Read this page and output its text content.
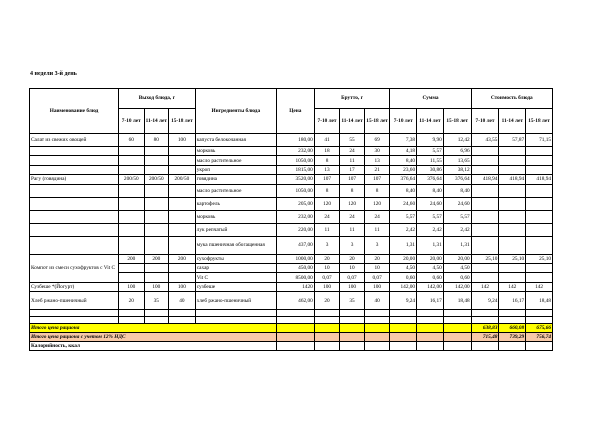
4 недели 3-й день
Наименование блюд	Выход блюда, г			Ингредиенты блюда	Цена	Брутто, г			Сумма			Стоимость блюда		
	7-10 лет	11-14 лет	15-18 лет			7-10 лет	11-14 лет	15-18 лет	7-10 лет	11-14 лет	15-18 лет	7-10 лет	11-14 лет	15-18 лет
Салат из свежих овощей	60	80	100	капуста белокочанная	180,00	41	55	69	7,38	9,90	12,42	43,55	57,87	71,15
				морковь	232,00	18	24	30	4,18	5,57	6,96			
				масло растительное	1050,00	8	11	13	8,40	11,55	13,65			
				укроп	1815,00	13	17	21	23,60	30,86	38,12			
Рагу (говядина)	200/50	200/50	200/50	говядина	3520,00	107	107	107	376,64	376,64	376,64	418,94	418,94	418,94
				масло растительное	1050,00	8	8	8	8,40	8,40	8,40			
				картофель	205,00	120	120	120	24,60	24,60	24,60			
				морковь	232,00	24	24	24	5,57	5,57	5,57			
				лук репчатый	220,00	11	11	11	2,42	2,42	2,42			
				мука пшеничная обогащенная	437,00	3	3	3	1,31	1,31	1,31			
Компот из смеси сухофруктов с Vit C	200	200	200	сухофрукты	1000,00	20	20	20	20,00	20,00	20,00	25,10	25,10	25,10
				сахар	450,00	10	10	10	4,50	4,50	4,50			
				Vit C	8500,00	0,07	0,07	0,07	0,60	0,60	0,60			
Сузбеше *(Йогурт)	100	100	100	сузбеше	1420	100	100	100	142,00	142,00	142,00	142	142	142
Хлеб ржано-пшеничный	20	35	40	хлеб ржано-пшеничный	462,00	20	35	40	9,24	16,17	18,48	9,24	16,17	18,48

Итого цена рациона												638,83	660,08	675,66
Итого цена рациона с учетом 12% НДС												715,48	739,29	756,74
Калорийность, ккал														
